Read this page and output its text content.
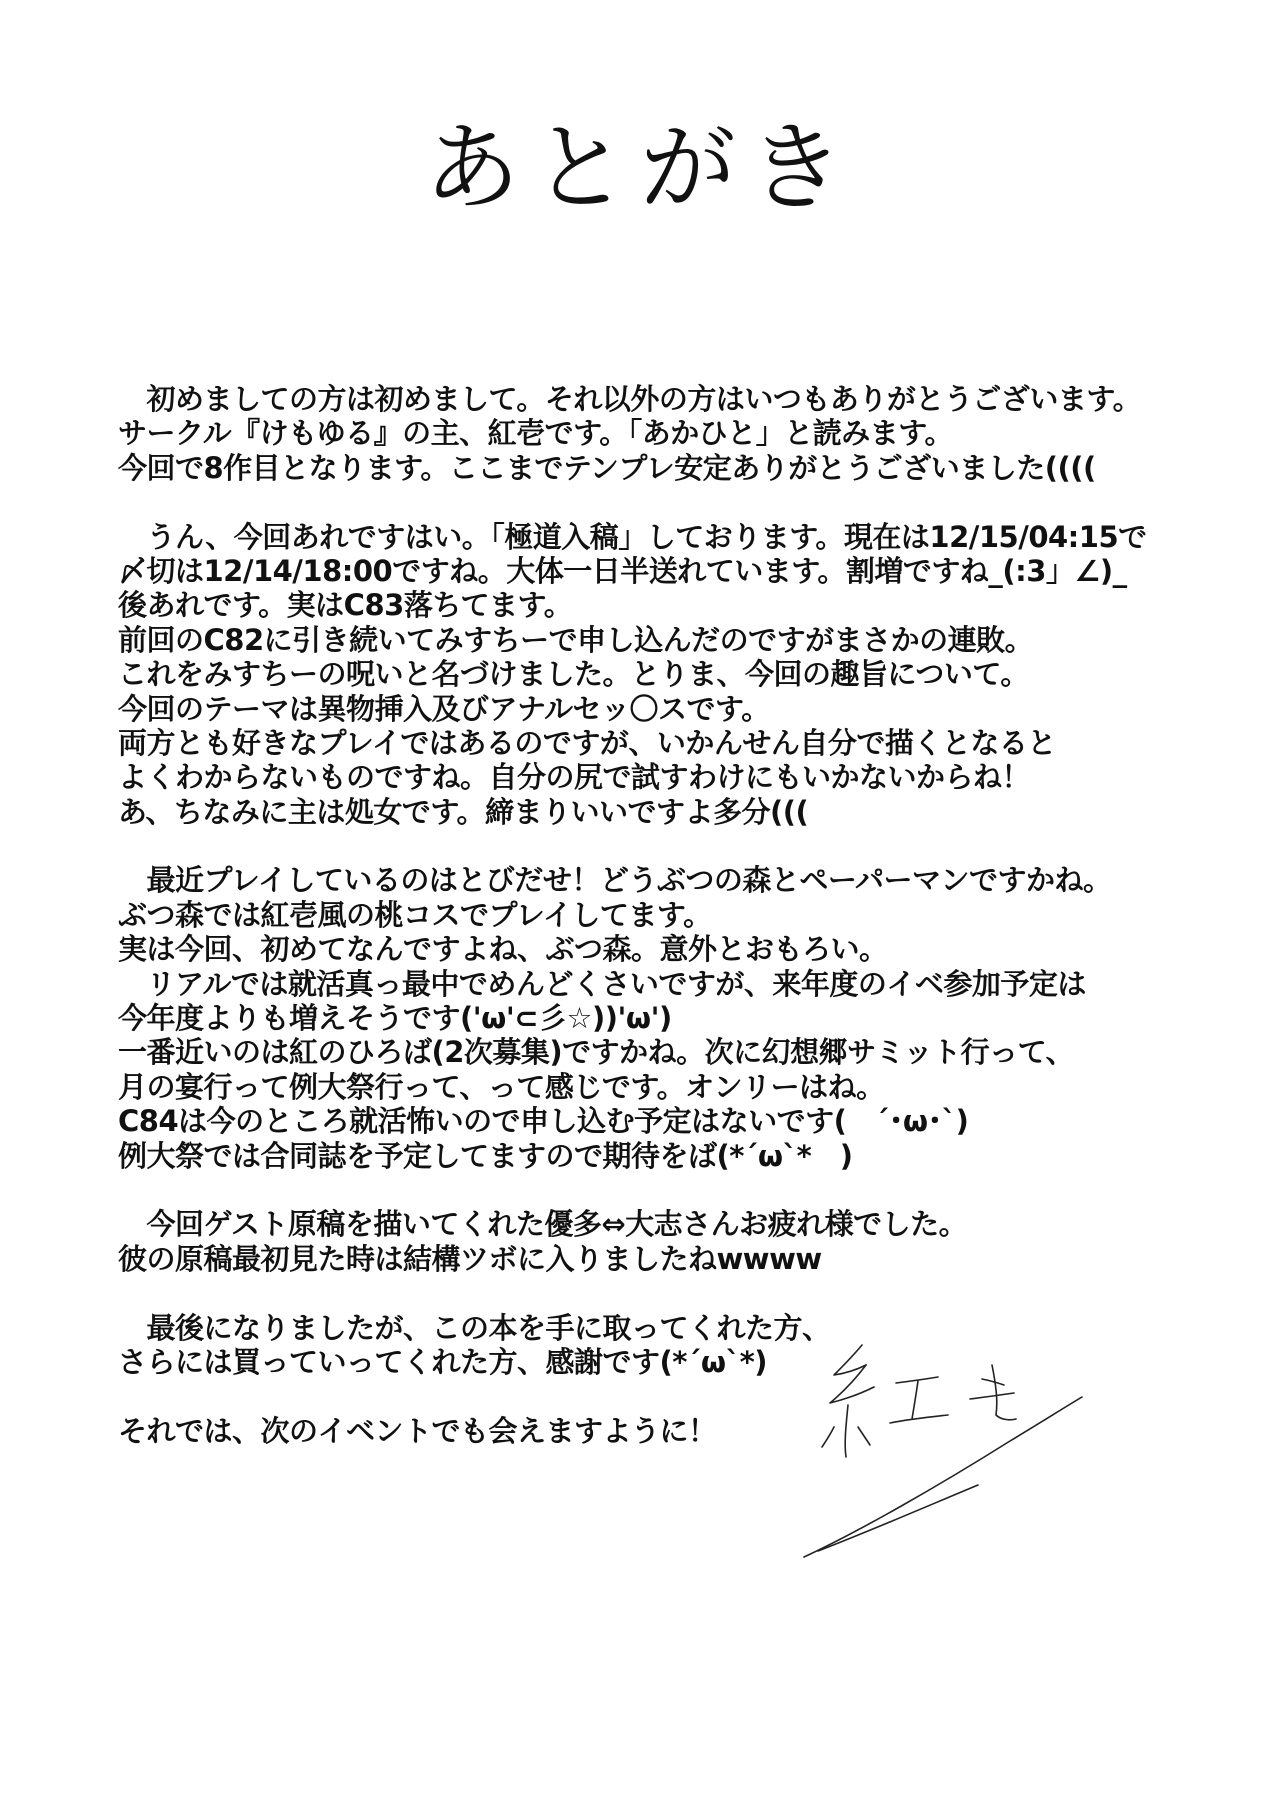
あとがき
　初めましての方は初めまして。それ以外の方はいつもありがとうございます。
サークル『けもゆる』の主、紅壱です。「あかひと」と読みます。
今回で8作目となります。ここまでテンプレ安定ありがとうございました((((
　うん、今回あれですはい。「極道入稿」しております。現在は12/15/04:15で
〆切は12/14/18:00ですね。大体一日半送れています。割増ですね_(:3」∠)_
後あれです。実はC83落ちてます。
前回のC82に引き続いてみすちーで申し込んだのですがまさかの連敗。
これをみすちーの呪いと名づけました。とりま、今回の趣旨について。
今回のテーマは異物挿入及びアナルセッ〇スです。
両方とも好きなプレイではあるのですが、いかんせん自分で描くとなると
よくわからないものですね。自分の尻で試すわけにもいかないからね！
あ、ちなみに主は処女です。締まりいいですよ多分(((
　最近プレイしているのはとびだせ！どうぶつの森とペーパーマンですかね。
ぶつ森では紅壱風の桃コスでプレイしてます。
実は今回、初めてなんですよね、ぶつ森。意外とおもろい。
　リアルでは就活真っ最中でめんどくさいですが、来年度のイベ参加予定は
今年度よりも増えそうです('ω'⊂彡☆))'ω')
一番近いのは紅のひろば(2次募集)ですかね。次に幻想郷サミット行って、
月の宴行って例大祭行って、って感じです。オンリーはね。
C84は今のところ就活怖いので申し込む予定はないです(　´･ω･`)
例大祭では合同誌を予定してますので期待をば(*´ω`*　)
　今回ゲスト原稿を描いてくれた優多⇔大志さんお疲れ様でした。
彼の原稿最初見た時は結構ツボに入りましたねwwww
　最後になりましたが、この本を手に取ってくれた方、
さらには買っていってくれた方、感謝です(*´ω`*)
それでは、次のイベントでも会えますように！
